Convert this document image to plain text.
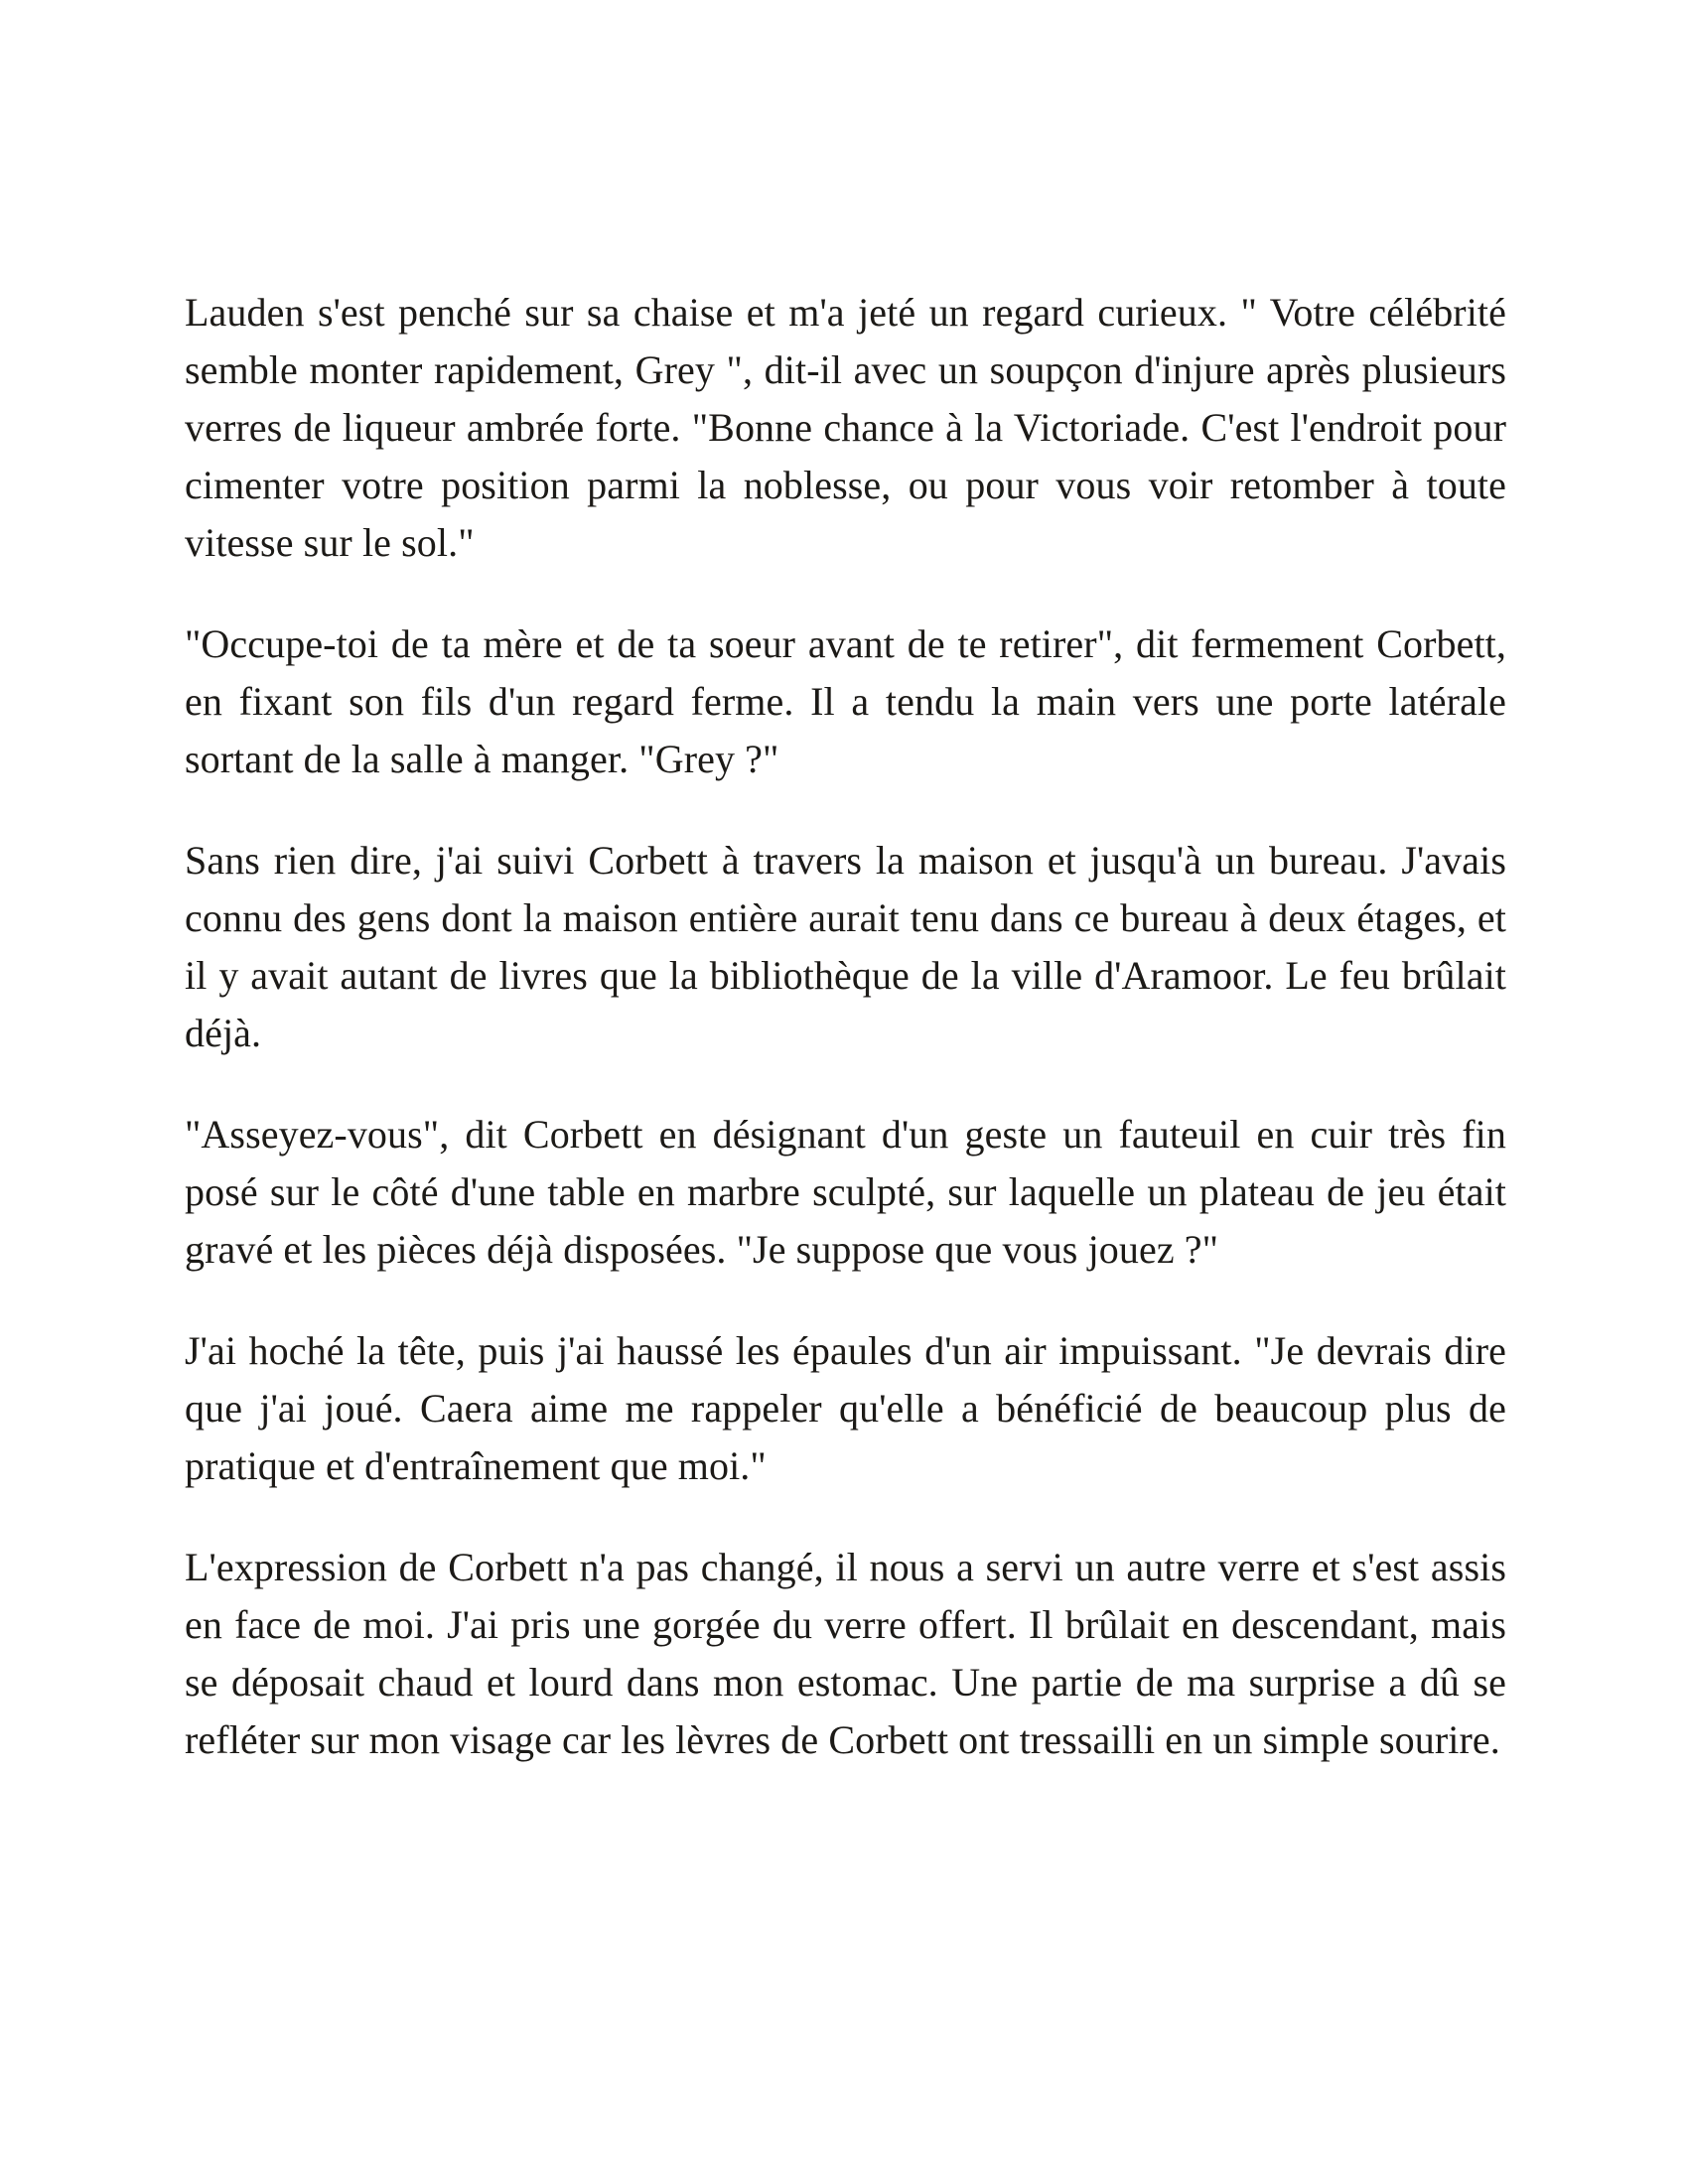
Lauden s'est penché sur sa chaise et m'a jeté un regard curieux. " Votre célébrité semble monter rapidement, Grey ", dit-il avec un soupçon d'injure après plusieurs verres de liqueur ambrée forte. "Bonne chance à la Victoriade. C'est l'endroit pour cimenter votre position parmi la noblesse, ou pour vous voir retomber à toute vitesse sur le sol."

"Occupe-toi de ta mère et de ta soeur avant de te retirer", dit fermement Corbett, en fixant son fils d'un regard ferme. Il a tendu la main vers une porte latérale sortant de la salle à manger. "Grey ?"

Sans rien dire, j'ai suivi Corbett à travers la maison et jusqu'à un bureau. J'avais connu des gens dont la maison entière aurait tenu dans ce bureau à deux étages, et il y avait autant de livres que la bibliothèque de la ville d'Aramoor. Le feu brûlait déjà.

"Asseyez-vous", dit Corbett en désignant d'un geste un fauteuil en cuir très fin posé sur le côté d'une table en marbre sculpté, sur laquelle un plateau de jeu était gravé et les pièces déjà disposées. "Je suppose que vous jouez ?"

J'ai hoché la tête, puis j'ai haussé les épaules d'un air impuissant. "Je devrais dire que j'ai joué. Caera aime me rappeler qu'elle a bénéficié de beaucoup plus de pratique et d'entraînement que moi."

L'expression de Corbett n'a pas changé, il nous a servi un autre verre et s'est assis en face de moi. J'ai pris une gorgée du verre offert. Il brûlait en descendant, mais se déposait chaud et lourd dans mon estomac. Une partie de ma surprise a dû se refléter sur mon visage car les lèvres de Corbett ont tressailli en un simple sourire.
